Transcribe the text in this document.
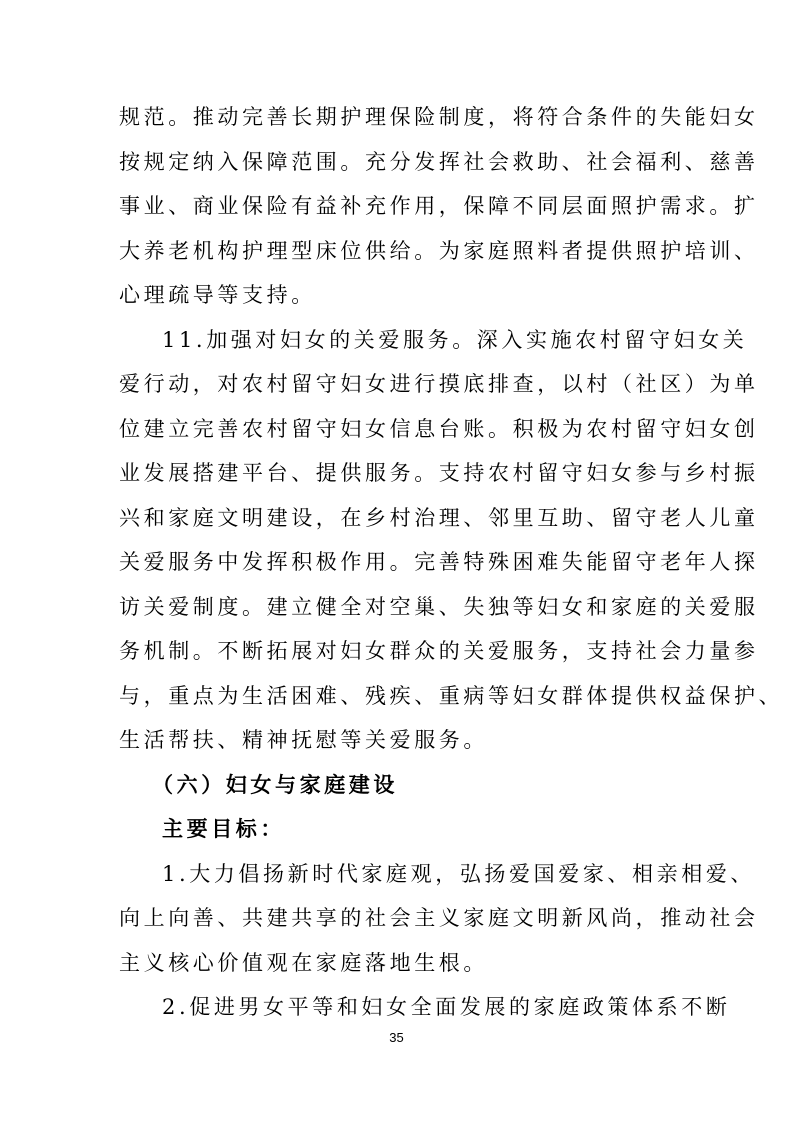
规范。推动完善长期护理保险制度，将符合条件的失能妇女
按规定纳入保障范围。充分发挥社会救助、社会福利、慈善
事业、商业保险有益补充作用，保障不同层面照护需求。扩
大养老机构护理型床位供给。为家庭照料者提供照护培训、
心理疏导等支持。
11.加强对妇女的关爱服务。深入实施农村留守妇女关
爱行动，对农村留守妇女进行摸底排查，以村（社区）为单
位建立完善农村留守妇女信息台账。积极为农村留守妇女创
业发展搭建平台、提供服务。支持农村留守妇女参与乡村振
兴和家庭文明建设，在乡村治理、邻里互助、留守老人儿童
关爱服务中发挥积极作用。完善特殊困难失能留守老年人探
访关爱制度。建立健全对空巢、失独等妇女和家庭的关爱服
务机制。不断拓展对妇女群众的关爱服务，支持社会力量参
与，重点为生活困难、残疾、重病等妇女群体提供权益保护、
生活帮扶、精神抚慰等关爱服务。
（六）妇女与家庭建设
主要目标：
1.大力倡扬新时代家庭观，弘扬爱国爱家、相亲相爱、
向上向善、共建共享的社会主义家庭文明新风尚，推动社会
主义核心价值观在家庭落地生根。
2.促进男女平等和妇女全面发展的家庭政策体系不断
35
